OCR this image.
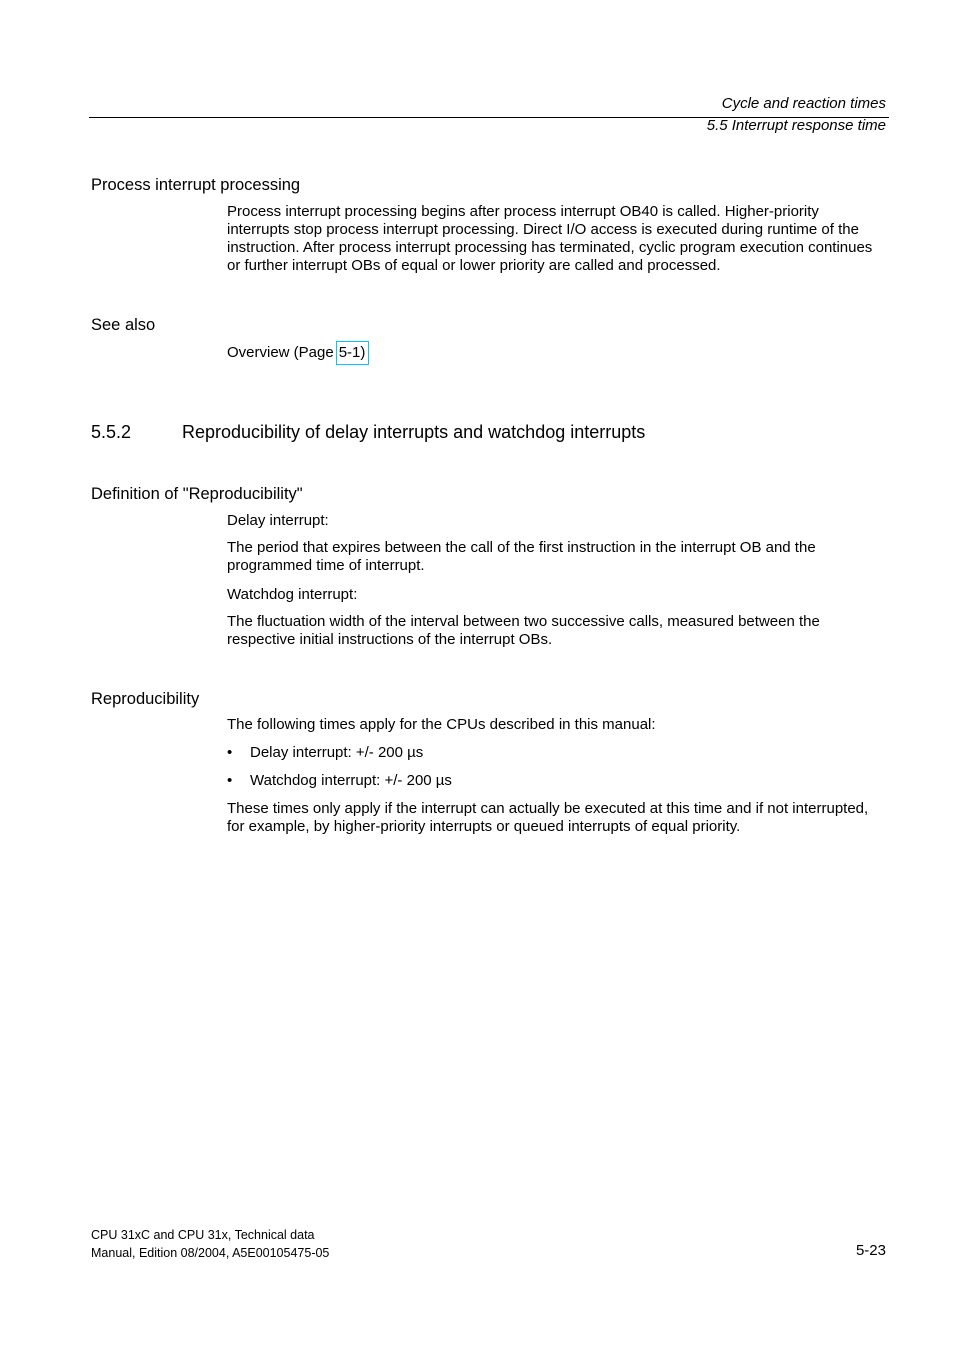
Cycle and reaction times
5.5 Interrupt response time
Process interrupt processing
Process interrupt processing begins after process interrupt OB40 is called. Higher-priority interrupts stop process interrupt processing. Direct I/O access is executed during runtime of the instruction. After process interrupt processing has terminated, cyclic program execution continues or further interrupt OBs of equal or lower priority are called and processed.
See also
Overview (Page 5-1)
5.5.2	Reproducibility of delay interrupts and watchdog interrupts
Definition of "Reproducibility"
Delay interrupt:
The period that expires between the call of the first instruction in the interrupt OB and the programmed time of interrupt.
Watchdog interrupt:
The fluctuation width of the interval between two successive calls, measured between the respective initial instructions of the interrupt OBs.
Reproducibility
The following times apply for the CPUs described in this manual:
• Delay interrupt: +/- 200 µs
• Watchdog interrupt: +/- 200 µs
These times only apply if the interrupt can actually be executed at this time and if not interrupted, for example, by higher-priority interrupts or queued interrupts of equal priority.
CPU 31xC and CPU 31x, Technical data
Manual, Edition 08/2004, A5E00105475-05	5-23
